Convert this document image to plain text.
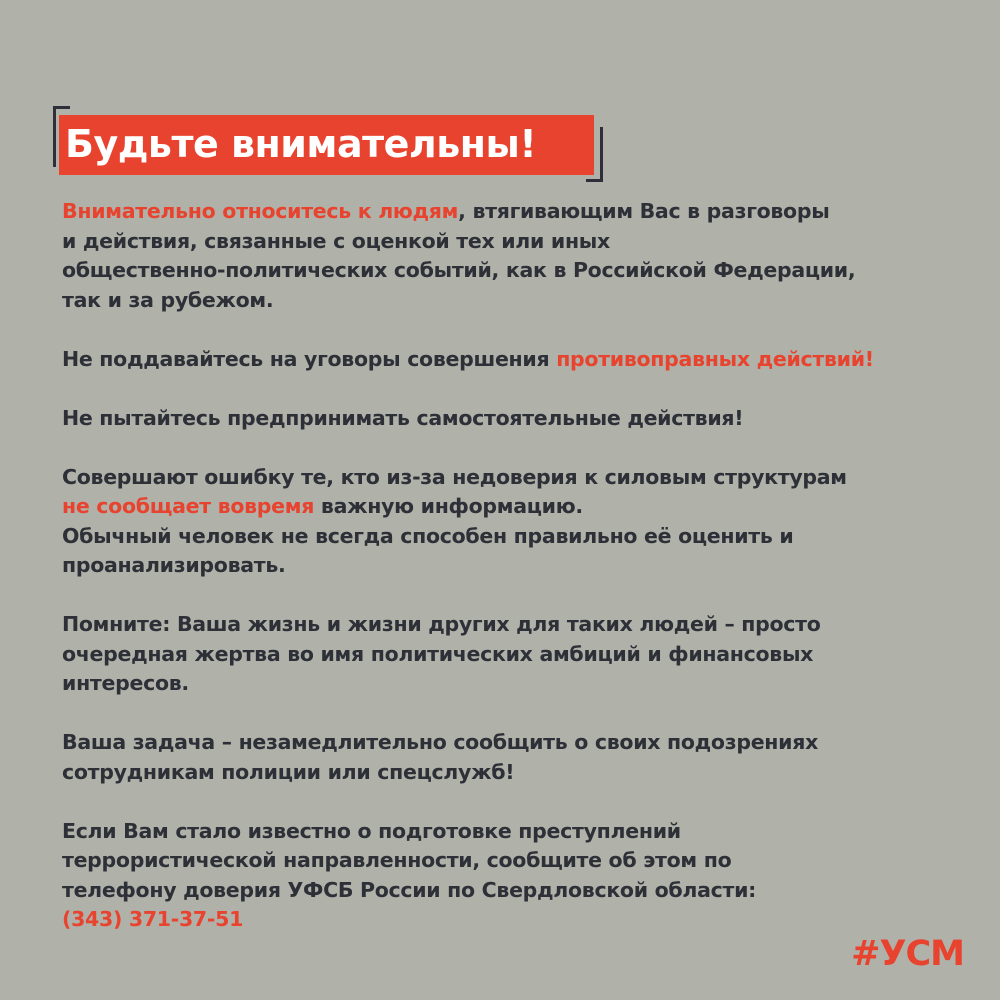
Будьте внимательны!

Внимательно относитесь к людям, втягивающим Вас в разговоры
и действия, связанные с оценкой тех или иных
общественно-политических событий, как в Российской Федерации,
так и за рубежом.

Не поддавайтесь на уговоры совершения противоправных действий!

Не пытайтесь предпринимать самостоятельные действия!

Совершают ошибку те, кто из-за недоверия к силовым структурам
не сообщает вовремя важную информацию.
Обычный человек не всегда способен правильно её оценить и
проанализировать.

Помните: Ваша жизнь и жизни других для таких людей – просто
очередная жертва во имя политических амбиций и финансовых
интересов.

Ваша задача – незамедлительно сообщить о своих подозрениях
сотрудникам полиции или спецслужб!

Если Вам стало известно о подготовке преступлений
террористической направленности, сообщите об этом по
телефону доверия УФСБ России по Свердловской области:
(343) 371-37-51

#УСМ
